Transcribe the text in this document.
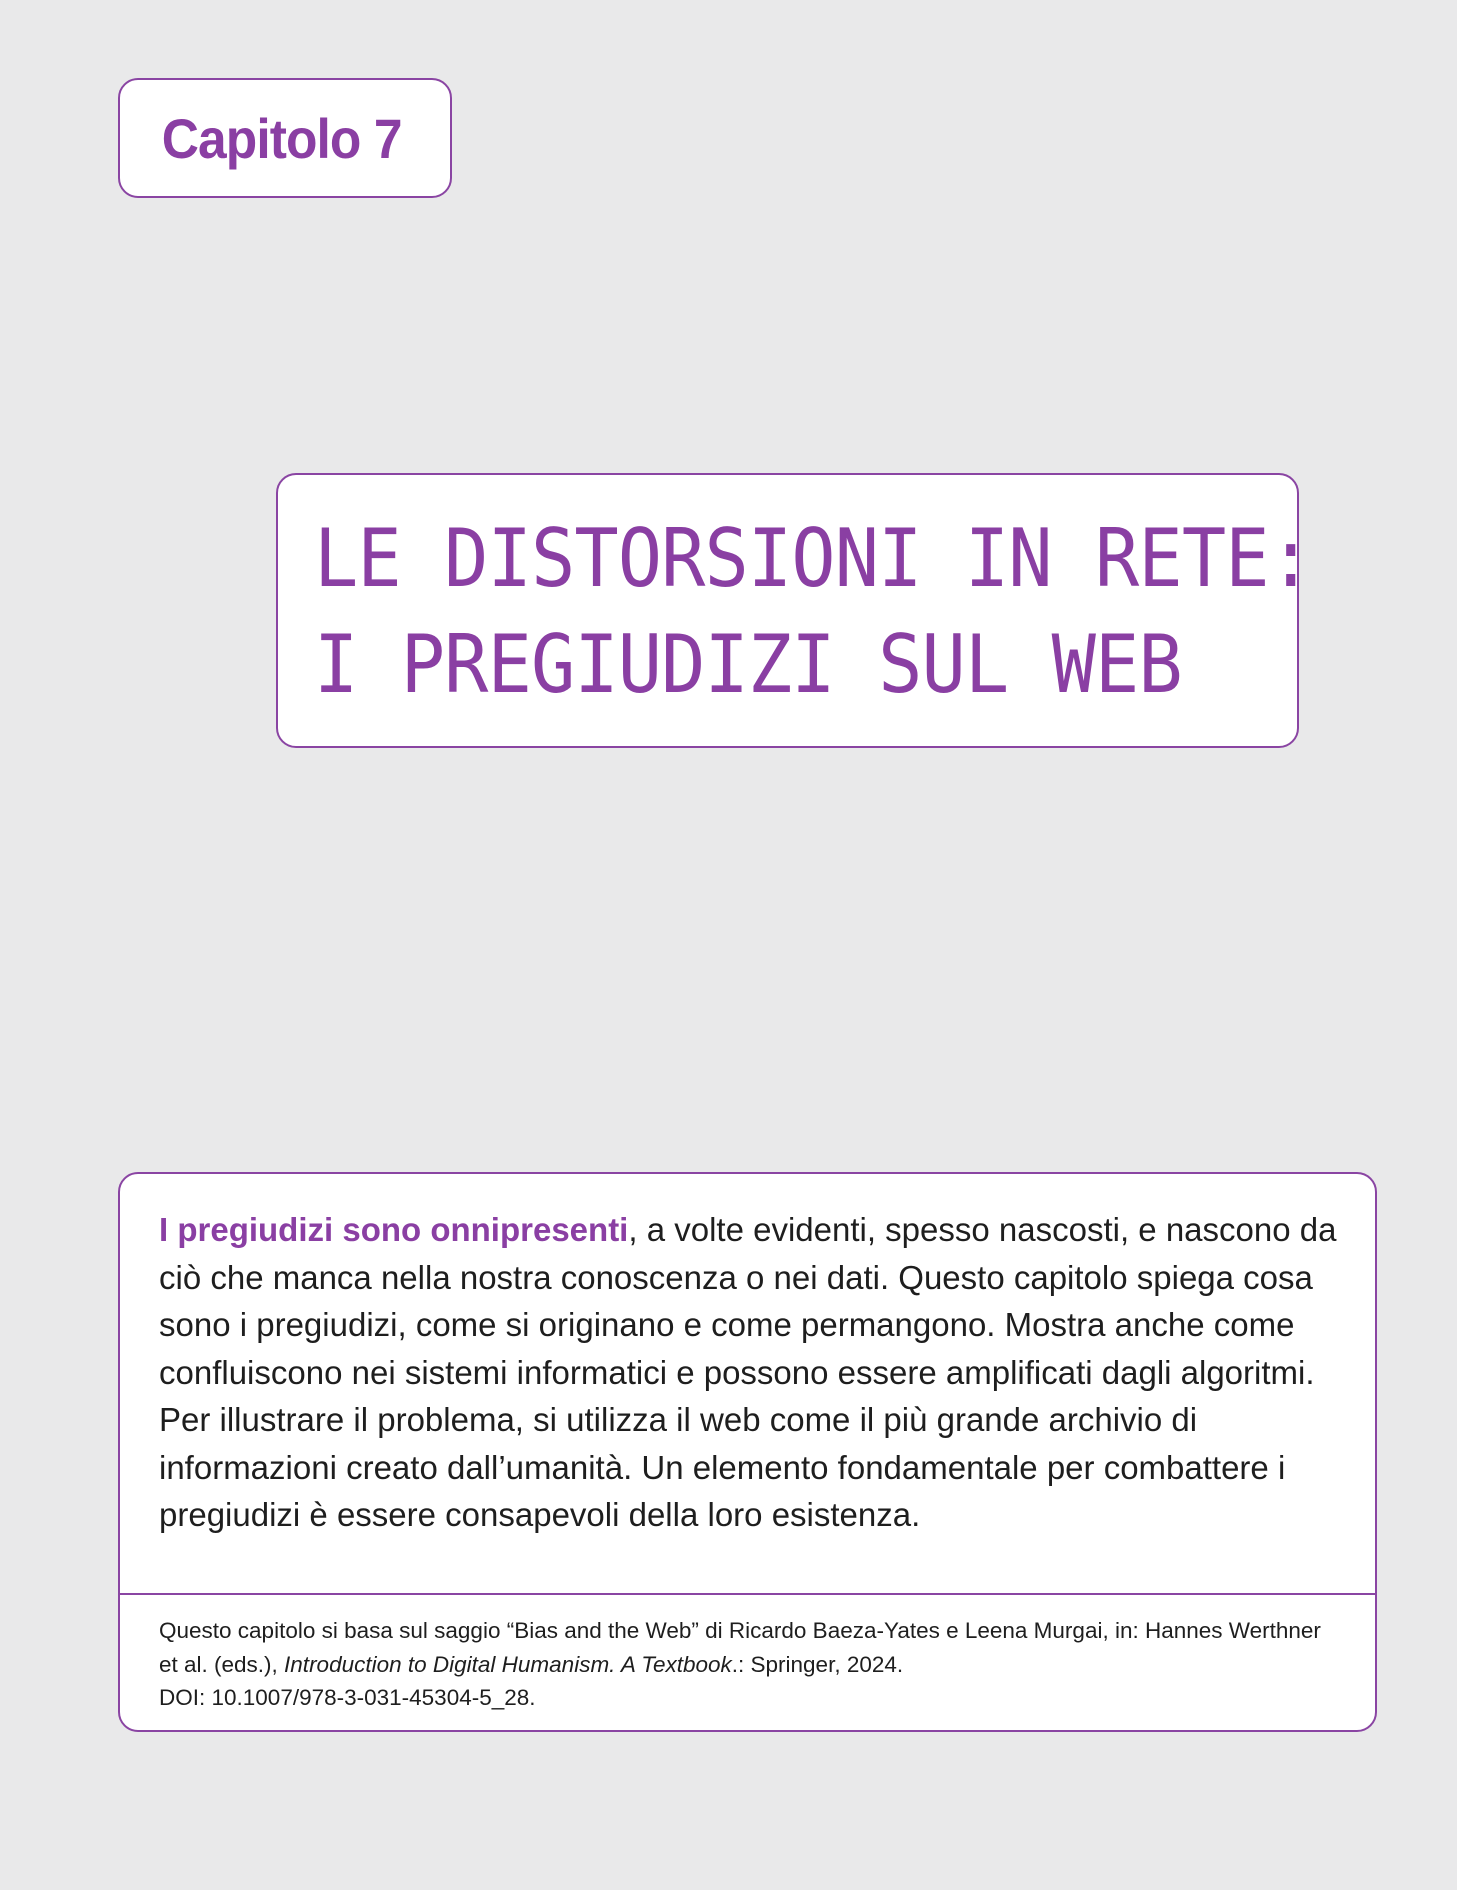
Capitolo 7
LE DISTORSIONI IN RETE:
I PREGIUDIZI SUL WEB

I pregiudizi sono onnipresenti, a volte evidenti, spesso nascosti, e nascono da ciò che manca nella nostra conoscenza o nei dati. Questo capitolo spiega cosa sono i pregiudizi, come si originano e come permangono. Mostra anche come confluiscono nei sistemi informatici e possono essere amplificati dagli algoritmi. Per illustrare il problema, si utilizza il web come il più grande archivio di informazioni creato dall’umanità. Un elemento fondamentale per combattere i pregiudizi è essere consapevoli della loro esistenza.

Questo capitolo si basa sul saggio “Bias and the Web” di Ricardo Baeza-Yates e Leena Murgai, in: Hannes Werthner et al. (eds.), Introduction to Digital Humanism. A Textbook.: Springer, 2024.
DOI: 10.1007/978-3-031-45304-5_28.
